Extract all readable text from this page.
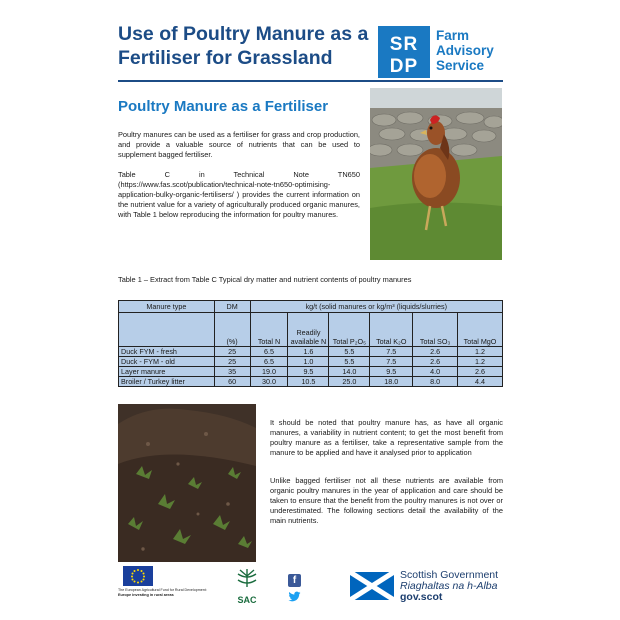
Use of Poultry Manure as a Fertiliser for Grassland
SR
DP
Farm
Advisory
Service
Poultry Manure as a Fertiliser

Poultry manures can be used as a fertiliser for grass and crop production, and provide a valuable source of nutrients that can be used to supplement bagged fertiliser.

Table C in Technical Note TN650 (https://www.fas.scot/publication/technical-note-tn650-optimising-application-bulky-organic-fertilisers/ ) provides the current information on the nutrient value for a variety of agriculturally produced organic manures, with Table 1 below reproducing the information for poultry manures.

Table 1 – Extract from Table C Typical dry matter and nutrient contents of poultry manures
Manure type	DM	kg/t (solid manures or kg/m³ (liquids/slurries)					
	(%)	Total N	Readily available N	Total P₂O₅	Total K₂O	Total SO₃	Total MgO
Duck FYM - fresh	25	6.5	1.6	5.5	7.5	2.6	1.2
Duck - FYM - old	25	6.5	1.0	5.5	7.5	2.6	1.2
Layer manure	35	19.0	9.5	14.0	9.5	4.0	2.6
Broiler / Turkey litter	60	30.0	10.5	25.0	18.0	8.0	4.4

It should be noted that poultry manure has, as have all organic manures, a variability in nutrient content; to get the most benefit from poultry manure as a fertiliser, take a representative sample from the manure to be applied and have it analysed prior to application

Unlike bagged fertiliser not all these nutrients are available from organic poultry manures in the year of application and care should be taken to ensure that the benefit from the poultry manures is not over or underestimated. The following sections detail the availability of the main nutrients.

The European Agricultural Fund for Rural Development:
Europe investing in rural areas
SAC
f	Scottish Government
Riaghaltas na h-Alba
gov.scot
